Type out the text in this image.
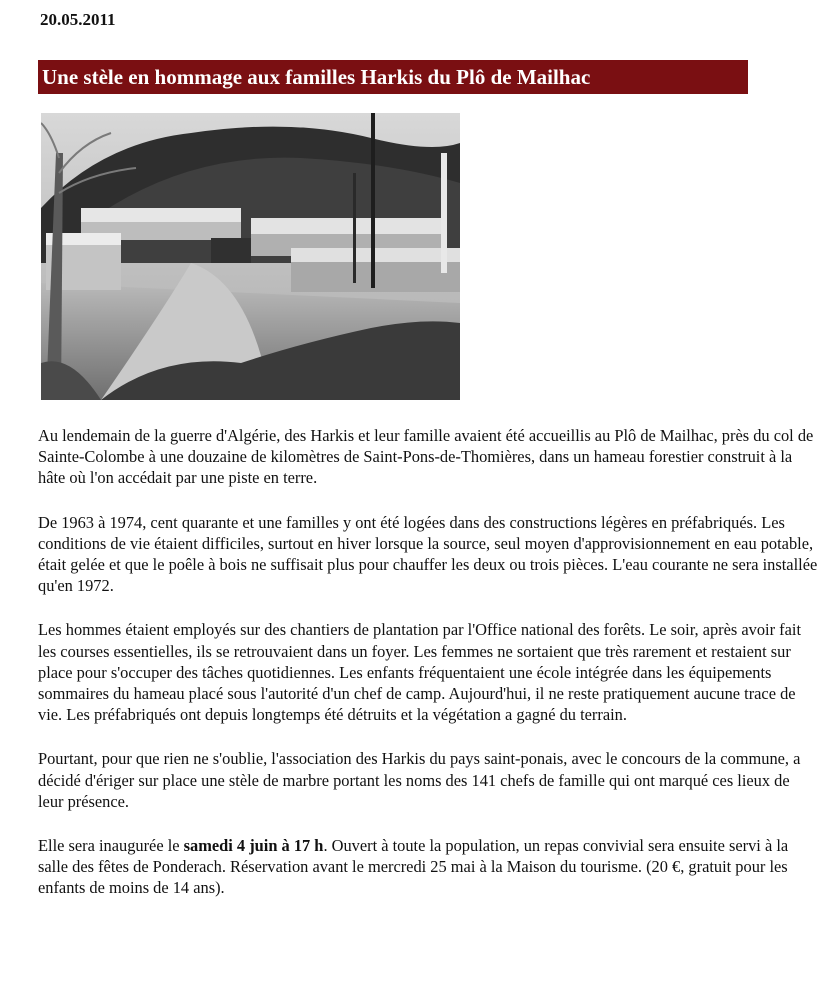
20.05.2011
Une stèle en hommage aux familles Harkis du Plô de Mailhac

Au lendemain de la guerre d'Algérie, des Harkis et leur famille avaient été accueillis au Plô de Mailhac, près du col de Sainte-Colombe à une douzaine de kilomètres de Saint-Pons-de-Thomières, dans un hameau forestier construit à la hâte où l'on accédait par une piste en terre.

De 1963 à 1974, cent quarante et une familles y ont été logées dans des constructions légères en préfabriqués. Les conditions de vie étaient difficiles, surtout en hiver lorsque la source, seul moyen d'approvisionnement en eau potable, était gelée et que le poêle à bois ne suffisait plus pour chauffer les deux ou trois pièces. L'eau courante ne sera installée qu'en 1972.

Les hommes étaient employés sur des chantiers de plantation par l'Office national des forêts. Le soir, après avoir fait les courses essentielles, ils se retrouvaient dans un foyer. Les femmes ne sortaient que très rarement et restaient sur place pour s'occuper des tâches quotidiennes. Les enfants fréquentaient une école intégrée dans les équipements sommaires du hameau placé sous l'autorité d'un chef de camp. Aujourd'hui, il ne reste pratiquement aucune trace de vie. Les préfabriqués ont depuis longtemps été détruits et la végétation a gagné du terrain.

Pourtant, pour que rien ne s'oublie, l'association des Harkis du pays saint-ponais, avec le concours de la commune, a décidé d'ériger sur place une stèle de marbre portant les noms des 141 chefs de famille qui ont marqué ces lieux de leur présence.

Elle sera inaugurée le samedi 4 juin à 17 h. Ouvert à toute la population, un repas convivial sera ensuite servi à la salle des fêtes de Ponderach. Réservation avant le mercredi 25 mai à la Maison du tourisme. (20 €, gratuit pour les enfants de moins de 14 ans).
